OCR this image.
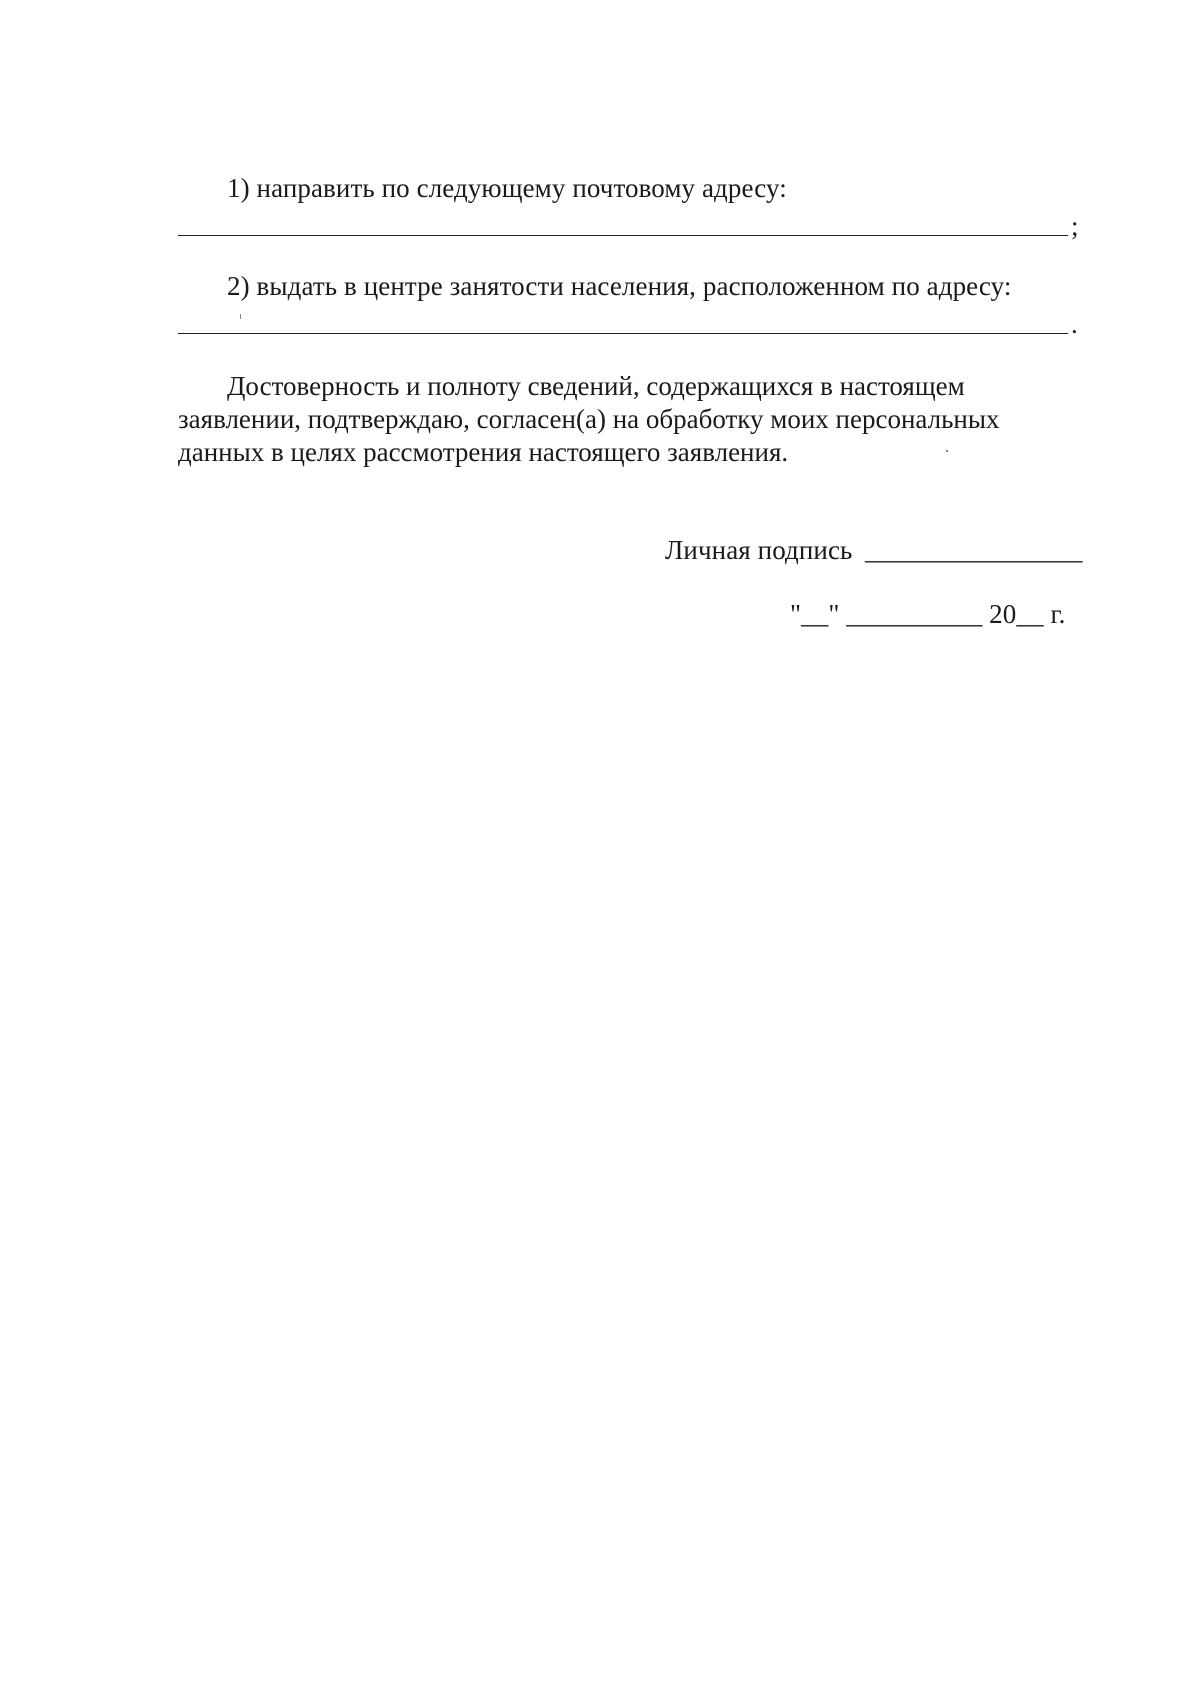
1) направить по следующему почтовому адресу:
;
2) выдать в центре занятости населения, расположенном по адресу:
.
Достоверность и полноту сведений, содержащихся в настоящем
заявлении, подтверждаю, согласен(а) на обработку моих персональных
данных в целях рассмотрения настоящего заявления.
Личная подпись ________________
"__" __________ 20__ г.
